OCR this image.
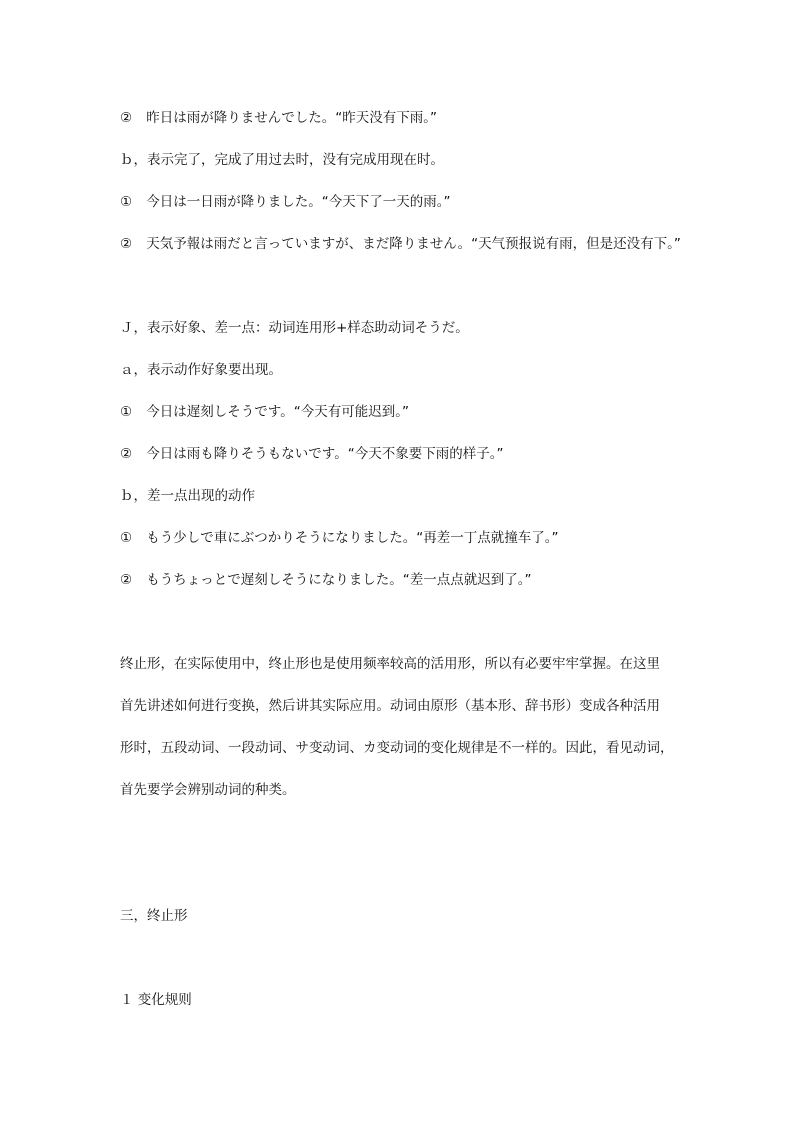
② 昨日は雨が降りませんでした。“昨天没有下雨。”
ｂ，表示完了，完成了用过去时，没有完成用现在时。
① 今日は一日雨が降りました。“今天下了一天的雨。”
② 天気予報は雨だと言っていますが、まだ降りません。“天气预报说有雨，但是还没有下。”
Ｊ，表示好象、差一点：动词连用形+样态助动词そうだ。
ａ，表示动作好象要出现。
① 今日は遅刻しそうです。“今天有可能迟到。”
② 今日は雨も降りそうもないです。“今天不象要下雨的样子。”
ｂ，差一点出现的动作
① もう少しで車にぶつかりそうになりました。“再差一丁点就撞车了。”
② もうちょっとで遅刻しそうになりました。“差一点点就迟到了。”
终止形，在实际使用中，终止形也是使用频率较高的活用形，所以有必要牢牢掌握。在这里
首先讲述如何进行变换，然后讲其实际应用。动词由原形（基本形、辞书形）变成各种活用
形时，五段动词、一段动词、サ变动词、カ变动词的变化规律是不一样的。因此，看见动词，
首先要学会辨别动词的种类。
三，终止形
１ 变化规则
